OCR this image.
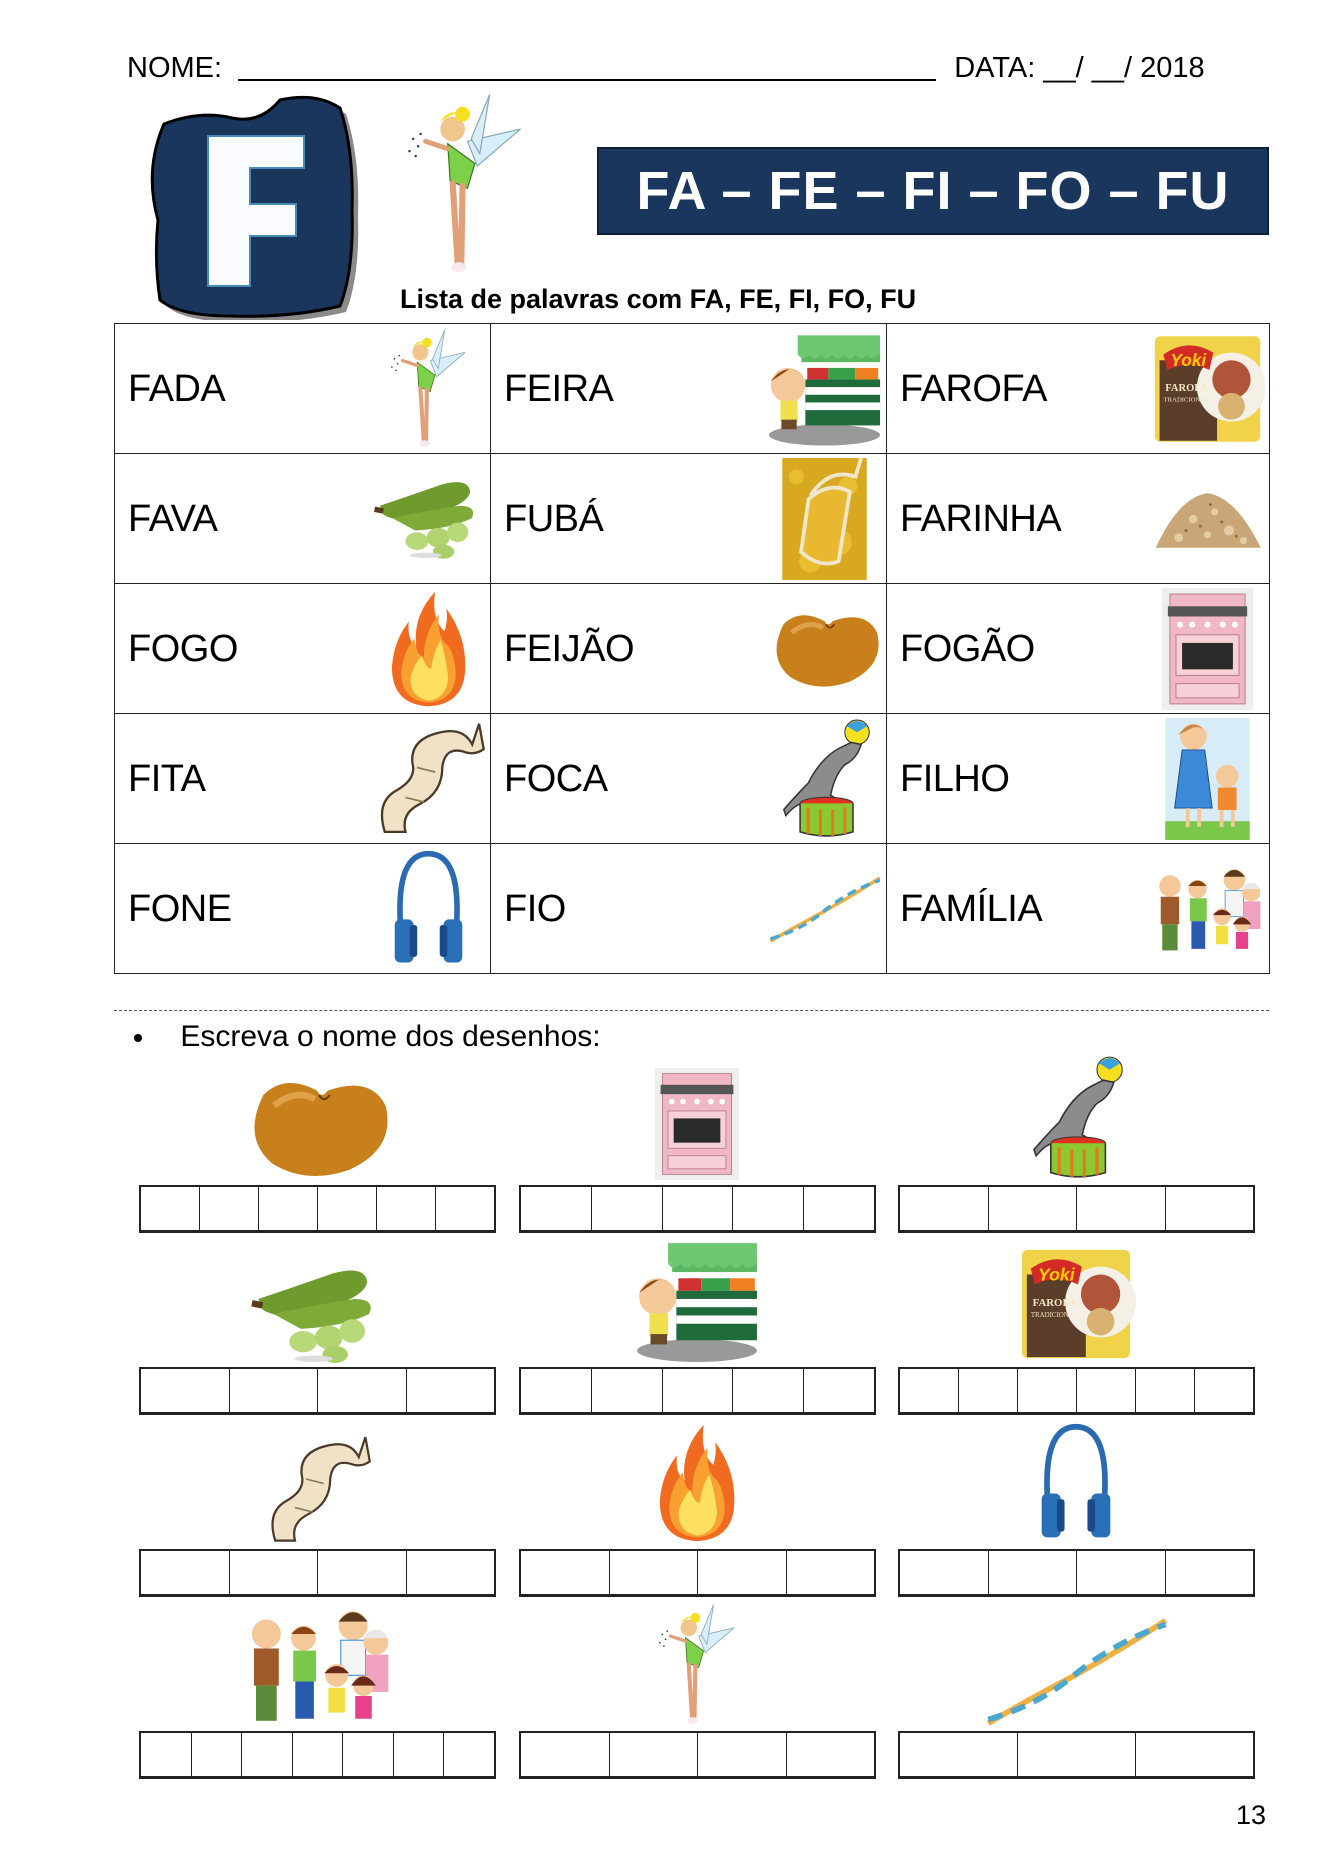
NOME:	DATA: __/ __/ 2018
FA – FE – FI – FO – FU
Lista de palavras com FA, FE, FI, FO, FU
FADA	FEIRA	FAROFA

FAVA	FUBÁ	FARINHA

FOGO	FEIJÃO	FOGÃO

FITA	FOCA	FILHO

FONE	FIO	FAMÍLIA
Escreva o nome dos desenhos:
13
